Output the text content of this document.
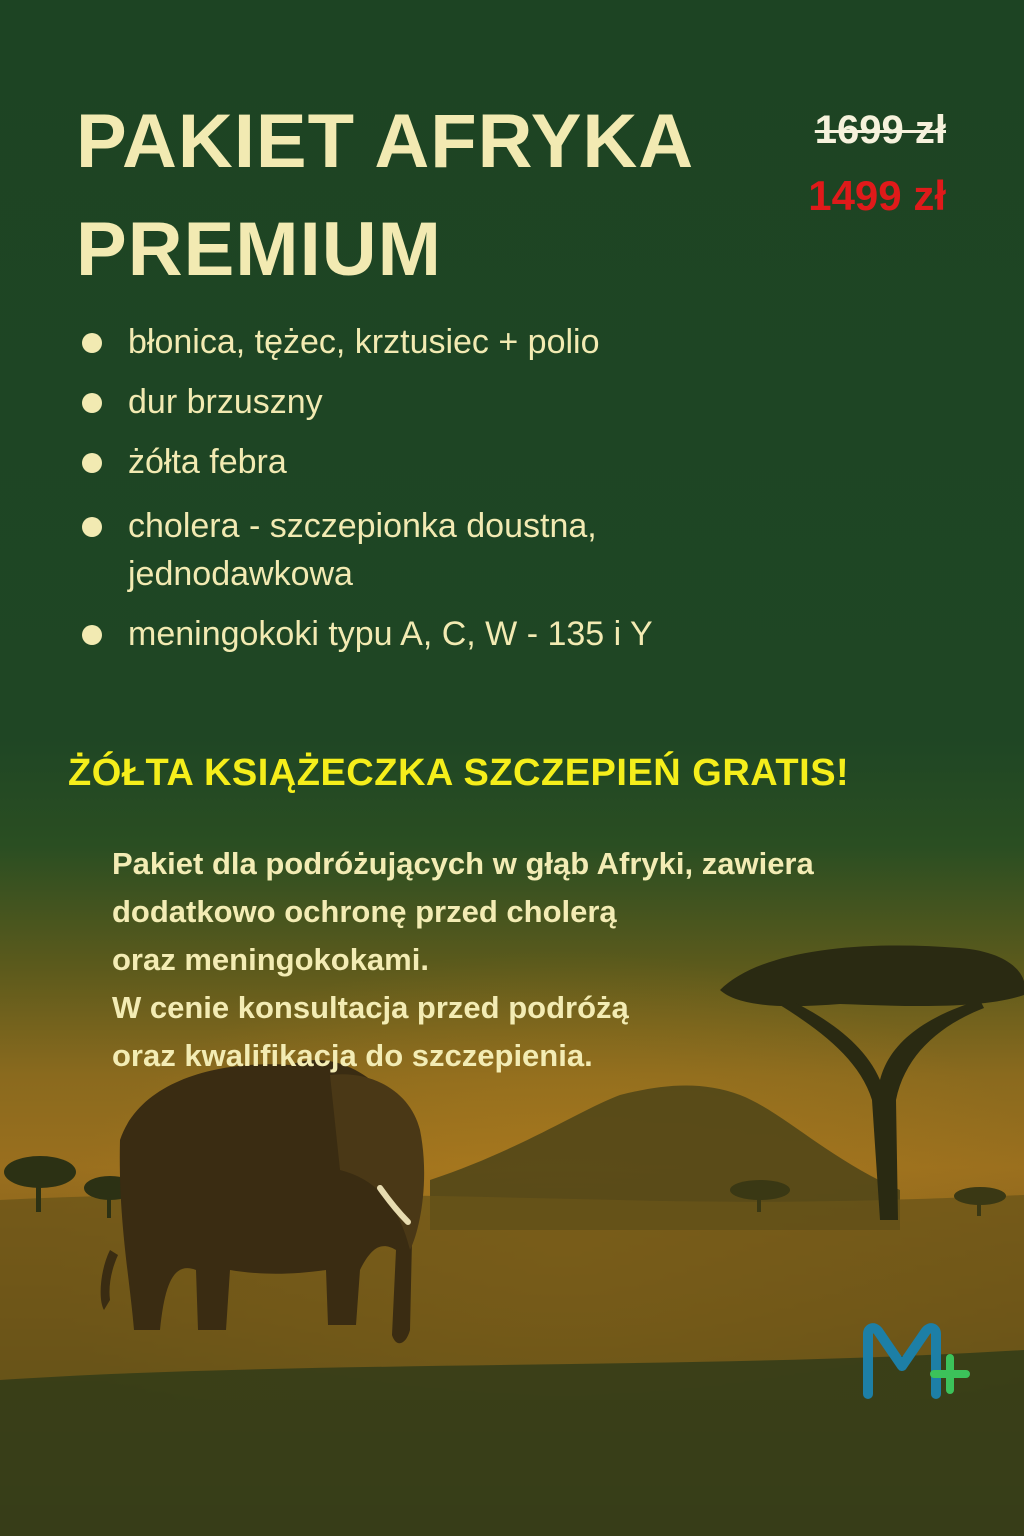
PAKIET AFRYKA
PREMIUM
1699 zł
1499 zł
błonica, tężec, krztusiec + polio
dur brzuszny
żółta febra
cholera - szczepionka doustna, jednodawkowa
meningokoki typu A, C, W - 135 i Y
ŻÓŁTA KSIĄŻECZKA SZCZEPIEŃ GRATIS!

Pakiet dla podróżujących w głąb Afryki, zawiera
dodatkowo ochronę przed cholerą
oraz meningokokami.
W cenie konsultacja przed podróżą
oraz kwalifikacja do szczepienia.
